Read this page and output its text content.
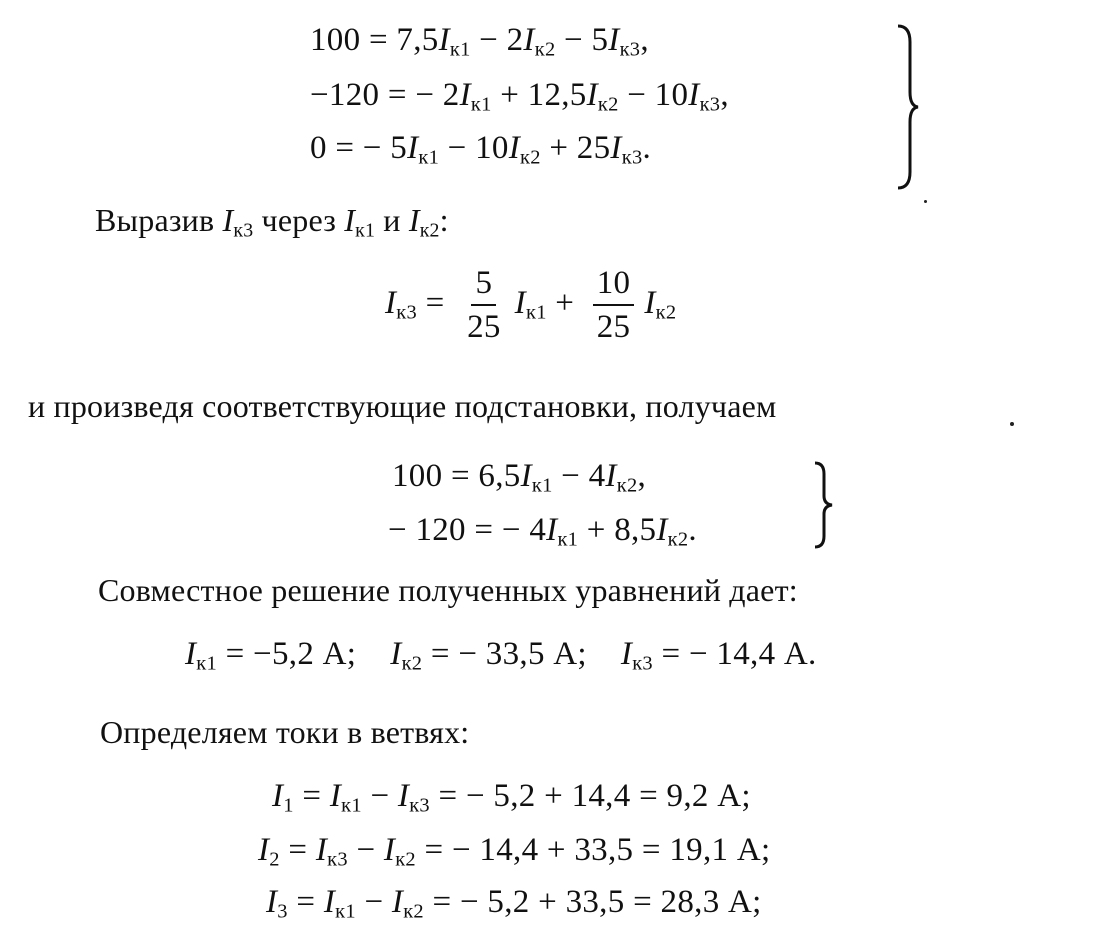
$100 = 7,5I_{к1} - 2I_{к2} - 5I_{к3}$,
−120 = − $2I_{к1} + 12,5I_{к2} - 10I_{к3}$,
0 = − $5I_{к1} - 10I_{к2} + 25I_{к3}$.
Выразив $I_{к3}$ через $I_{к1}$ и $I_{к2}$:
$I_{к3} = \frac{5}{25} I_{к1} + \frac{10}{25} I_{к2}$
и произведя соответствующие подстановки, получаем
$100 = 6,5I_{к1} - 4I_{к2}$,
− 120 = − $4I_{к1} + 8,5I_{к2}$.
Совместное решение полученных уравнений дает:
$I_{к1} = -5,2$ А; $I_{к2}$ = − 33,5 А; $I_{к3}$ = − 14,4 А.
Определяем токи в ветвях:
$I_1 = I_{к1} - I_{к3}$ = − 5,2 + 14,4 = 9,2 А;
$I_2 = I_{к3} - I_{к2}$ = − 14,4 + 33,5 = 19,1 А;
$I_3 = I_{к1} - I_{к2}$ = − 5,2 + 33,5 = 28,3 А;
